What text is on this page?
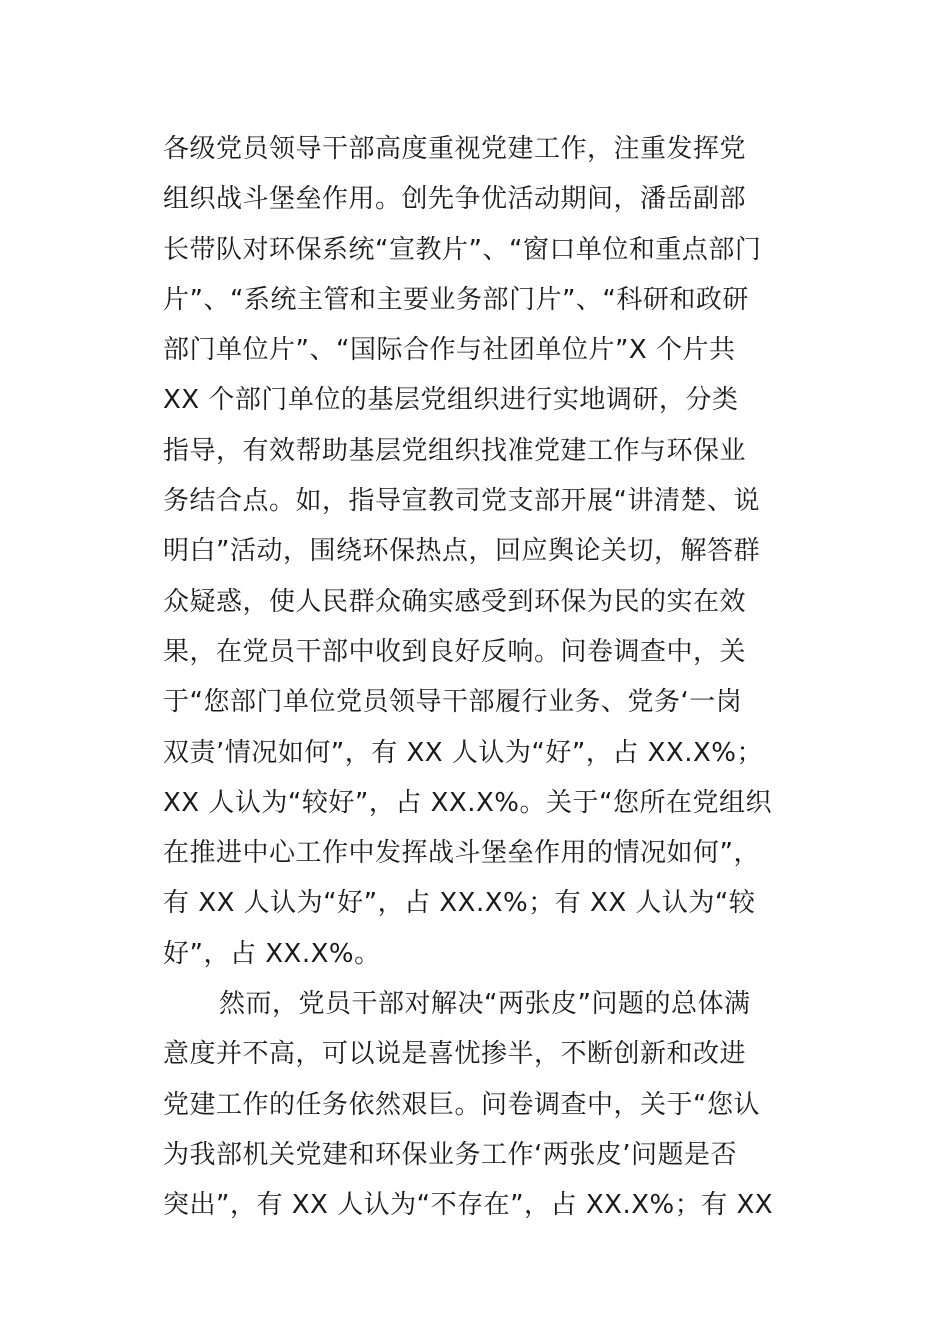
各级党员领导干部高度重视党建工作，注重发挥党
组织战斗堡垒作用。创先争优活动期间，潘岳副部
长带队对环保系统“宣教片”、“窗口单位和重点部门
片”、“系统主管和主要业务部门片”、“科研和政研
部门单位片”、“国际合作与社团单位片”X 个片共
XX 个部门单位的基层党组织进行实地调研，分类
指导，有效帮助基层党组织找准党建工作与环保业
务结合点。如，指导宣教司党支部开展“讲清楚、说
明白”活动，围绕环保热点，回应舆论关切，解答群
众疑惑，使人民群众确实感受到环保为民的实在效
果，在党员干部中收到良好反响。问卷调查中，关
于“您部门单位党员领导干部履行业务、党务‘一岗
双责’情况如何”，有 XX 人认为“好”，占 XX.X%；
XX 人认为“较好”，占 XX.X%。关于“您所在党组织
在推进中心工作中发挥战斗堡垒作用的情况如何”，
有 XX 人认为“好”，占 XX.X%；有 XX 人认为“较
好”，占 XX.X%。
然而，党员干部对解决“两张皮”问题的总体满
意度并不高，可以说是喜忧掺半，不断创新和改进
党建工作的任务依然艰巨。问卷调查中，关于“您认
为我部机关党建和环保业务工作‘两张皮’问题是否
突出”，有 XX 人认为“不存在”，占 XX.X%；有 XX
